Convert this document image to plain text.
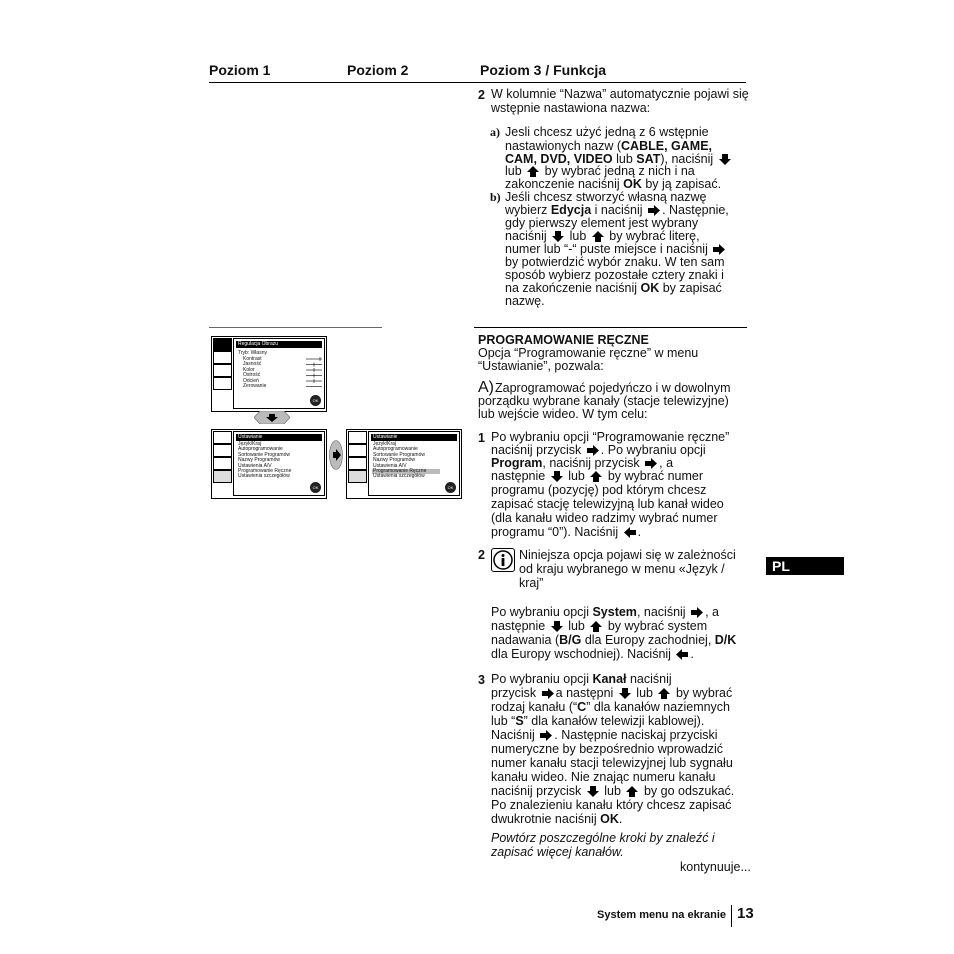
Poziom 1	Poziom 2	Poziom 3 / Funkcja
2 W kolumnie “Nazwa” automatycznie pojawi się wstępnie nastawiona nazwa:
a) Jesli chcesz użyć jedną z 6 wstępnie
nastawionych nazw (CABLE, GAME,
CAM, DVD, VIDEO lub SAT), naciśnij
lub by wybrać jedną z nich i na
zakonczenie naciśnij OK by ją zapisać.
b) Jeśli chcesz stworzyć własną nazwę
wybierz Edycja i naciśnij . Następnie,
gdy pierwszy element jest wybrany
naciśnij
lub by wybrać literę,
numer lub “-“ puste miejsce i naciśnij
by potwierdzić wybór znaku. W ten sam
sposób wybierz pozostałe cztery znaki i
na zakończenie naciśnij OK by zapisać
nazwę.
PROGRAMOWANIE RĘCZNE
Opcja “Programowanie ręczne” w menu
“Ustawianie”, pozwala:
A) Zaprogramować pojedyńczo i w dowolnym
porządku wybrane kanały (stacje telewizyjne)
lub wejście wideo. W tym celu:
1 Po wybraniu opcji “Programowanie ręczne”
naciśnij przycisk . Po wybraniu opcji
Program, naciśnij przycisk , a
następnie lub by wybrać numer
programu (pozycję) pod którym chcesz
zapisać stację telewizyjną lub kanał wideo
(dla kanału wideo radzimy wybrać numer
programu “0”). Naciśnij .
2	Niniejsza opcja pojawi się w zależności
od kraju wybranego w menu «Język /
kraj”
Po wybraniu opcji System, naciśnij , a
następnie lub by wybrać system
nadawania (B/G dla Europy zachodniej, D/K
dla Europy wschodniej). Naciśnij .
3 Po wybraniu opcji Kanał naciśnij
przycisk a następni lub by wybrać
rodzaj kanału (“C” dla kanałów naziemnych
lub “S” dla kanałów telewizji kablowej).
Naciśnij . Następnie naciskaj przyciski
numeryczne by bezpośrednio wprowadzić
numer kanału stacji telewizyjnej lub sygnału
kanału wideo. Nie znając numeru kanału
naciśnij przycisk lub by go odszukać.
Po znalezieniu kanału który chcesz zapisać
dwukrotnie naciśnij OK.
Powtórz poszczególne kroki by znaleźć i
zapisać więcej kanałów.
kontynuuje...
Regulacja Obrazu
Tryb: Własny
Kontrast
Jasność
Kolor
Ostrość
Odcień
Zerowanie
OK
Ustawianie
Język/Kraj
Autoprogramowanie
Sortowanie Programów
Nazwy Programów
Ustawienia A/V
Programowanie Ręczne
Ustawienia szczegółów
OK
Ustawianie
Język/Kraj
Autoprogramowanie
Sortowanie Programów
Nazwy Programów
Ustawienia A/V
Programowanie Ręczne
Ustawienia szczegółów
OK
PL
System menu na ekranie 13
